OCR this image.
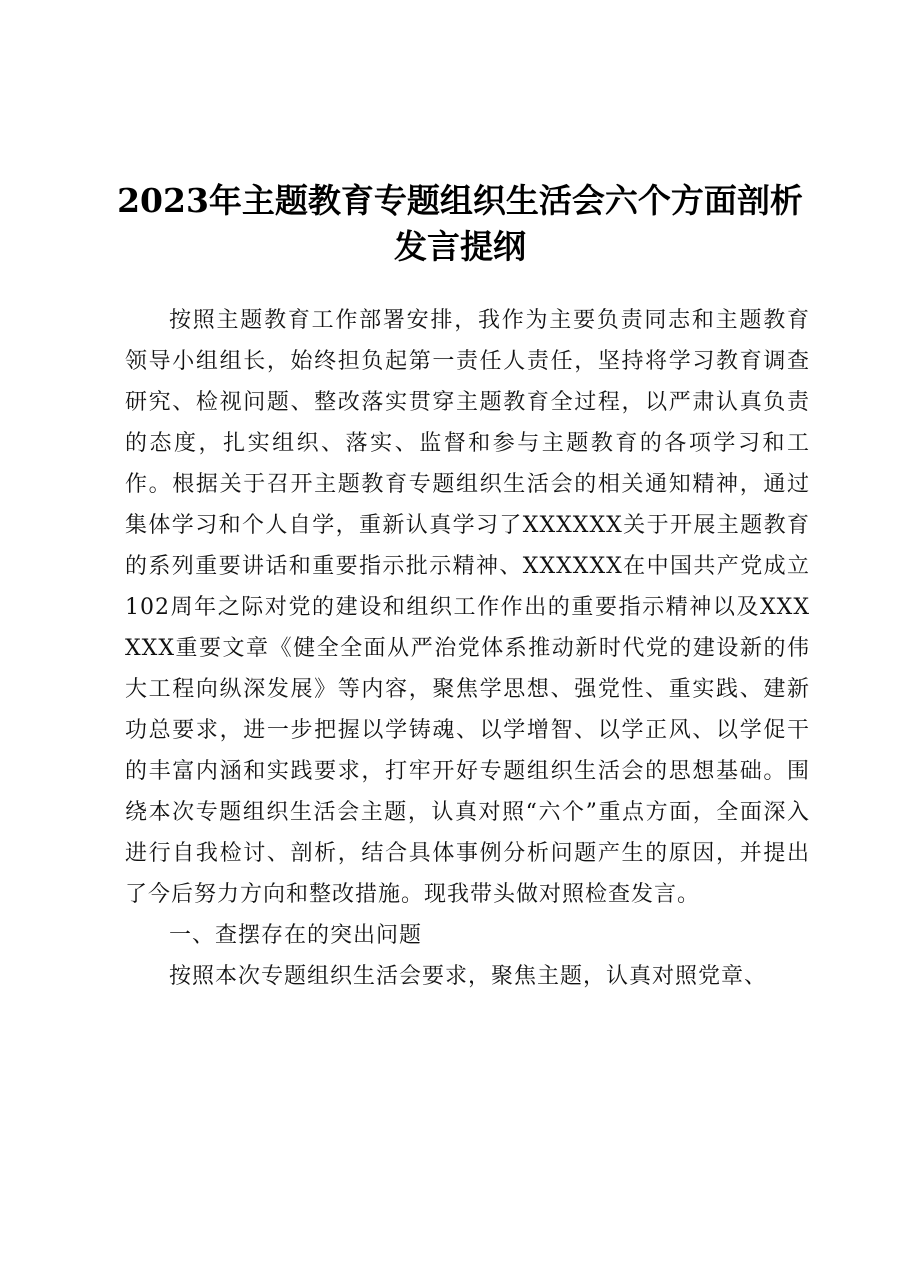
2023年主题教育专题组织生活会六个方面剖析发言提纲

按照主题教育工作部署安排，我作为主要负责同志和主题教育领导小组组长，始终担负起第一责任人责任，坚持将学习教育调查研究、检视问题、整改落实贯穿主题教育全过程，以严肃认真负责的态度，扎实组织、落实、监督和参与主题教育的各项学习和工作。根据关于召开主题教育专题组织生活会的相关通知精神，通过集体学习和个人自学，重新认真学习了XXXXXX关于开展主题教育的系列重要讲话和重要指示批示精神、XXXXXX在中国共产党成立102周年之际对党的建设和组织工作作出的重要指示精神以及XXXXXX重要文章《健全全面从严治党体系推动新时代党的建设新的伟大工程向纵深发展》等内容，聚焦学思想、强党性、重实践、建新功总要求，进一步把握以学铸魂、以学增智、以学正风、以学促干的丰富内涵和实践要求，打牢开好专题组织生活会的思想基础。围绕本次专题组织生活会主题，认真对照“六个”重点方面，全面深入进行自我检讨、剖析，结合具体事例分析问题产生的原因，并提出了今后努力方向和整改措施。现我带头做对照检查发言。

一、查摆存在的突出问题

按照本次专题组织生活会要求，聚焦主题，认真对照党章、
